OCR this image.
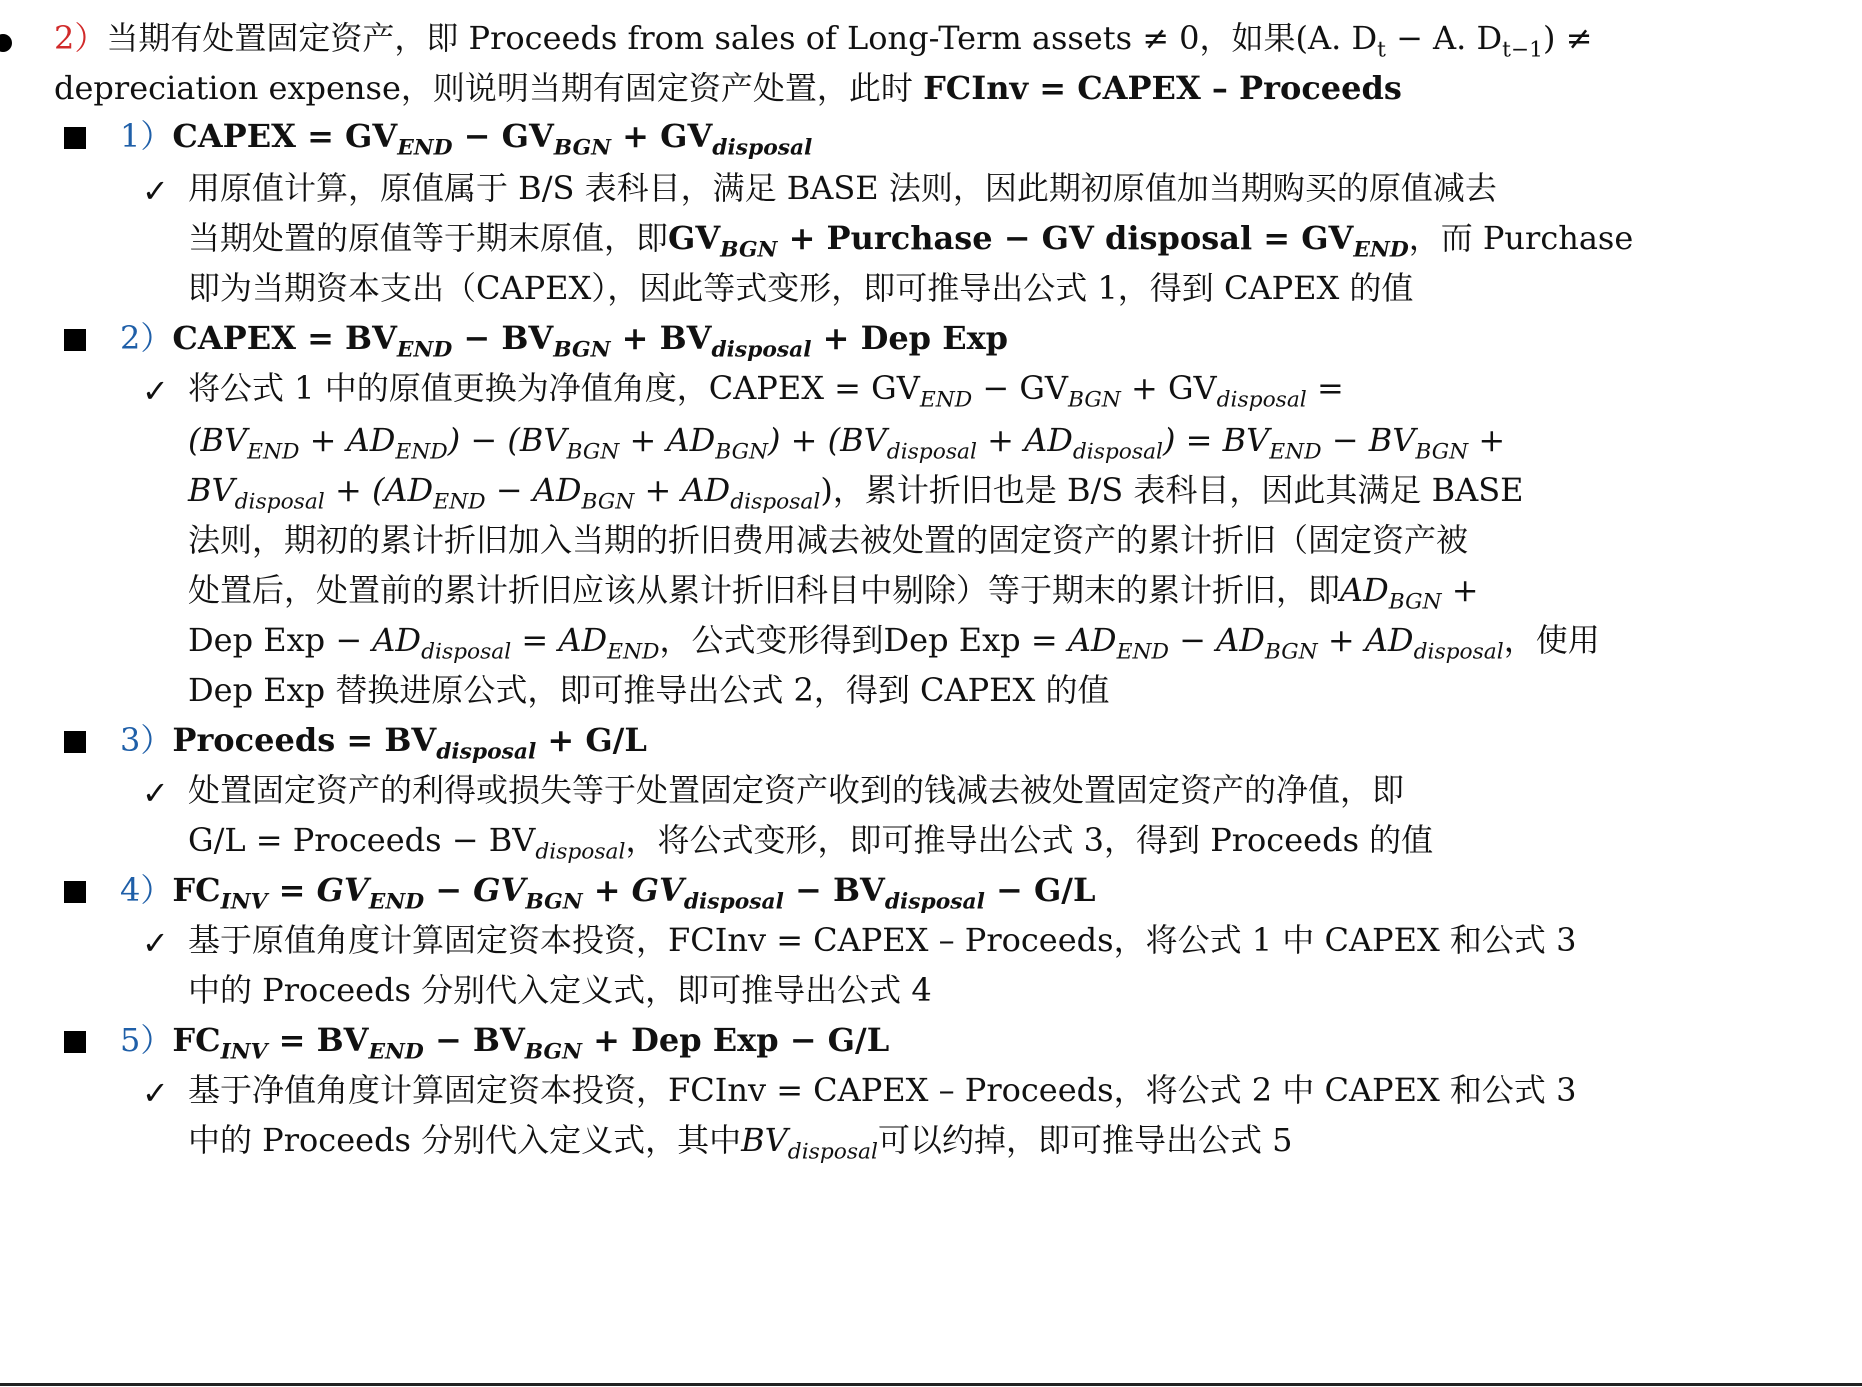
2）当期有处置固定资产，即 Proceeds from sales of Long-Term assets ≠ 0，如果(A. $D_t - A$. $D_{t-1}$) ≠
depreciation expense，则说明当期有固定资产处置，此时 FCInv = CAPEX – Proceeds
1）CAPEX = $GV_{END} - GV_{BGN} + GV_{disposal}$
✓ 用原值计算，原值属于 B/S 表科目，满足 BASE 法则，因此期初原值加当期购买的原值减去
当期处置的原值等于期末原值，即$GV_{BGN}$ + Purchase − GV disposal = $GV_{END}$，而 Purchase
即为当期资本支出（CAPEX），因此等式变形，即可推导出公式 1，得到 CAPEX 的值
2）CAPEX = $BV_{END} - BV_{BGN} + BV_{disposal}$ + Dep Exp
✓ 将公式 1 中的原值更换为净值角度，CAPEX = $GV_{END} - GV_{BGN} + GV_{disposal}$ =
$(BV_{END} + AD_{END}) - (BV_{BGN} + AD_{BGN}) + (BV_{disposal} + AD_{disposal}) = BV_{END} - BV_{BGN}$ +
$BV_{disposal} + (AD_{END} - AD_{BGN} + AD_{disposal})$，累计折旧也是 B/S 表科目，因此其满足 BASE
法则，期初的累计折旧加入当期的折旧费用减去被处置的固定资产的累计折旧（固定资产被
处置后，处置前的累计折旧应该从累计折旧科目中剔除）等于期末的累计折旧，即$AD_{BGN}$ +
Dep Exp − $AD_{disposal} = AD_{END}$，公式变形得到Dep Exp = $AD_{END} - AD_{BGN} + AD_{disposal}$，使用
Dep Exp 替换进原公式，即可推导出公式 2，得到 CAPEX 的值
3）Proceeds = $BV_{disposal} + G/L$
✓ 处置固定资产的利得或损失等于处置固定资产收到的钱减去被处置固定资产的净值，即
G/L = Proceeds − $BV_{disposal}$，将公式变形，即可推导出公式 3，得到 Proceeds 的值
$4)FC_{INV} = GV_{END} - GV_{BGN} + GV_{disposal} - BV_{disposal} - G/L$
✓ 基于原值角度计算固定资本投资，FCInv = CAPEX – Proceeds，将公式 1 中 CAPEX 和公式 3
中的 Proceeds 分别代入定义式，即可推导出公式 4
$5)FC_{INV} = BV_{END} - BV_{BGN}$ + Dep Exp − G/L
✓ 基于净值角度计算固定资本投资，FCInv = CAPEX – Proceeds，将公式 2 中 CAPEX 和公式 3
中的 Proceeds 分别代入定义式，其中$BV_{disposal}$可以约掉，即可推导出公式 5
